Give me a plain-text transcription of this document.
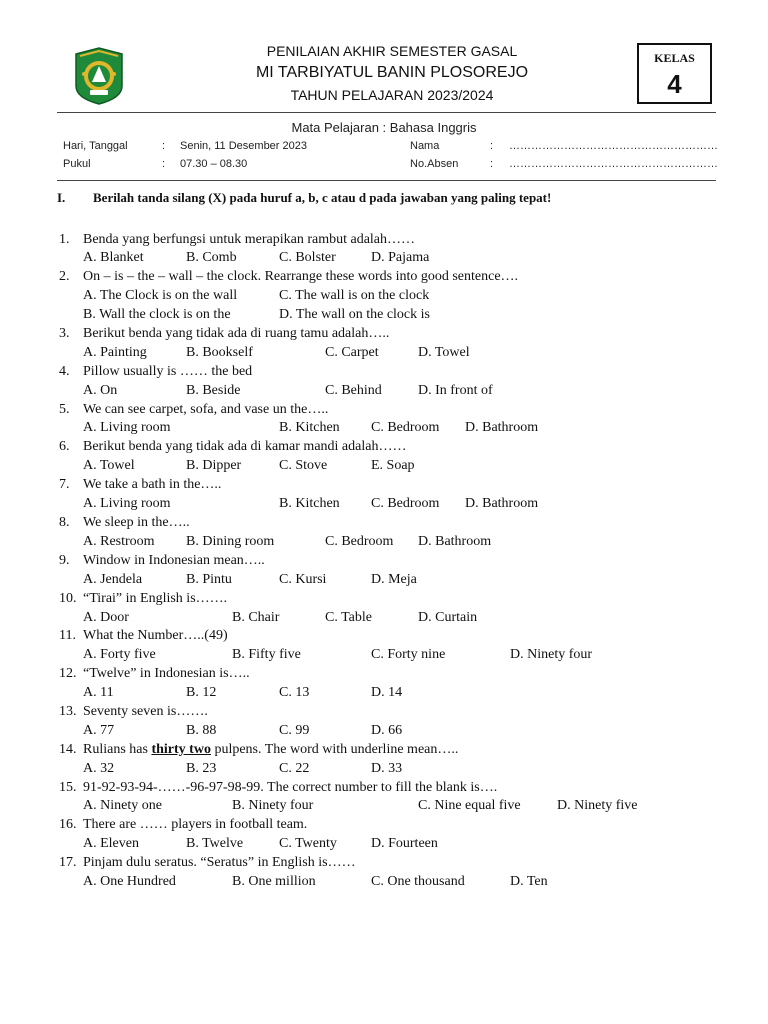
PENILAIAN AKHIR SEMESTER GASAL
MI TARBIYATUL BANIN PLOSOREJO
TAHUN PELAJARAN 2023/2024
KELAS
4
Mata Pelajaran : Bahasa Inggris
Hari, Tanggal	: Senin, 11 Desember 2023
Pukul	: 07.30 – 08.30
Nama	: …………………………………………………
No.Absen	: …………………………………………………
I. Berilah tanda silang (X) pada huruf a, b, c atau d pada jawaban yang paling tepat!
1. Benda yang berfungsi untuk merapikan rambut adalah……
A. Blanket	B. Comb	C. Bolster	D. Pajama
2. On – is – the – wall – the clock. Rearrange these words into good sentence….
A. The Clock is on the wall	C. The wall is on the clock
B. Wall the clock is on the	D. The wall on the clock is
3. Berikut benda yang tidak ada di ruang tamu adalah…..
A. Painting	B. Bookself	C. Carpet	D. Towel
4. Pillow usually is …… the bed
A. On	B. Beside	C. Behind	D. In front of
5. We can see carpet, sofa, and vase un the…..
A. Living room	B. Kitchen C. Bedroom D. Bathroom
6. Berikut benda yang tidak ada di kamar mandi adalah……
A. Towel	B. Dipper	C. Stove	E. Soap
7. We take a bath in the…..
A. Living room	B. Kitchen C. Bedroom D. Bathroom
8. We sleep in the…..
A. Restroom B. Dining room	C. Bedroom D. Bathroom
9. Window in Indonesian mean…..
A. Jendela	B. Pintu	C. Kursi	D. Meja
10. “Tirai” in English is…….
A. Door	B. Chair	C. Table	D. Curtain
11. What the Number…..(49)
A. Forty five	B. Fifty five	C. Forty nine	D. Ninety four
12. “Twelve” in Indonesian is…..
A. 11	B. 12	C. 13	D. 14
13. Seventy seven is…….
A. 77	B. 88	C. 99	D. 66
14. Rulians has thirty two pulpens. The word with underline mean…..
A. 32	B. 23	C. 22	D. 33
15. 91-92-93-94-……-96-97-98-99. The correct number to fill the blank is….
A. Ninety one	B. Ninety four	C. Nine equal five	D. Ninety five
16. There are …… players in football team.
A. Eleven	B. Twelve	C. Twenty D. Fourteen
17. Pinjam dulu seratus. “Seratus” in English is……
A. One Hundred	B. One million	C. One thousand	D. Ten
